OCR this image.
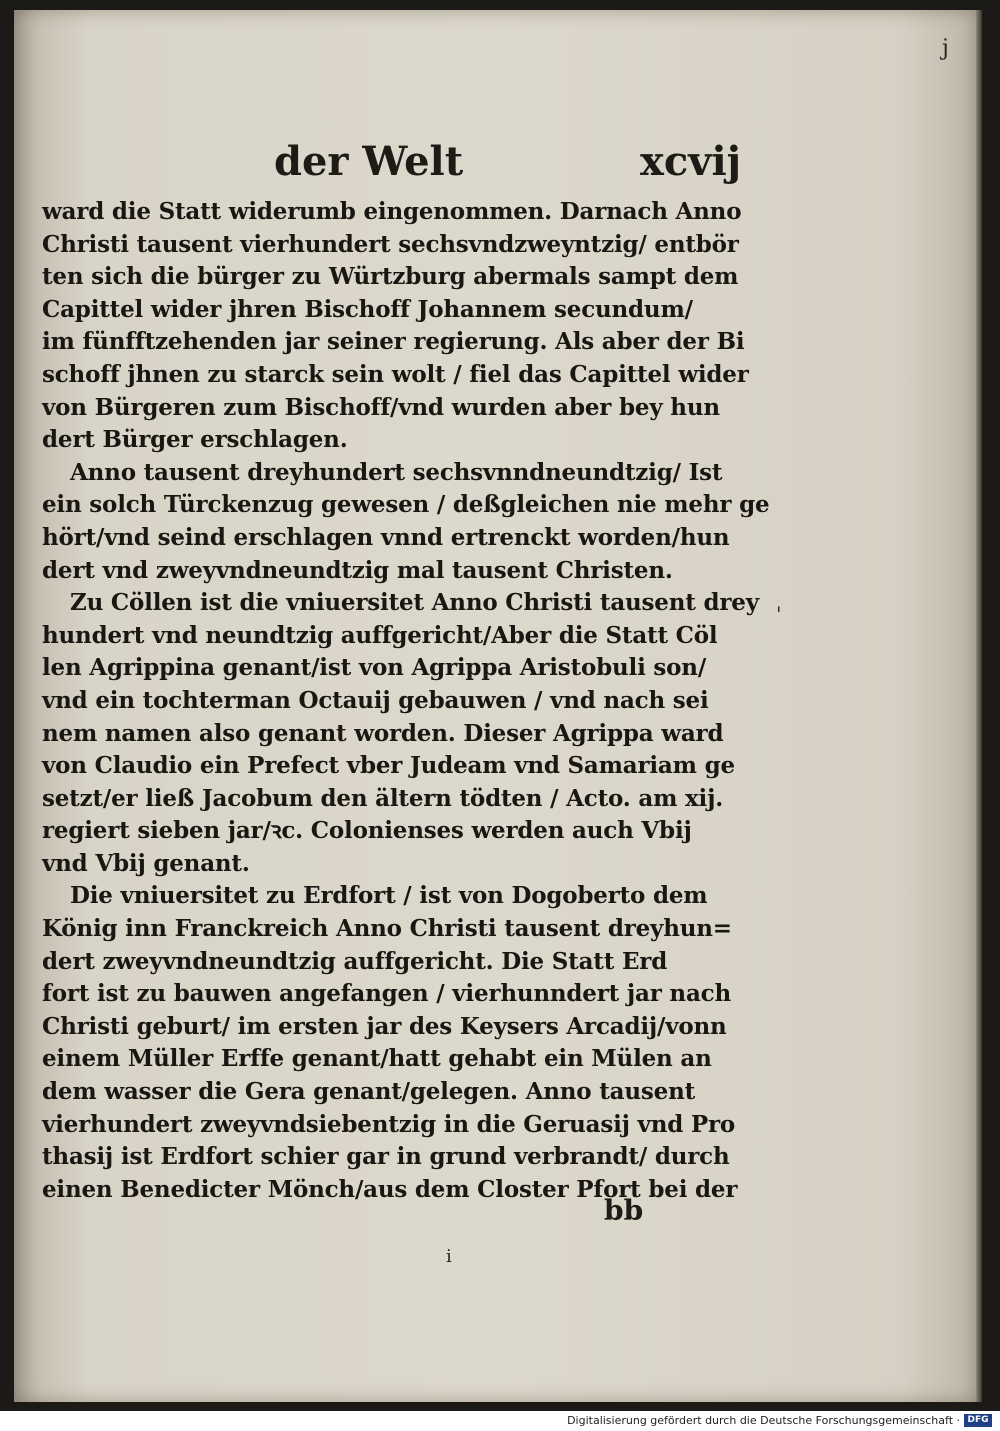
j
der Welt	xcvij
ward die Statt widerumb eingenommen. Darnach Anno
Christi tausent vierhundert sechsvndzweyntzig/ entbör
ten sich die bürger zu Würtzburg abermals sampt dem
Capittel wider jhren Bischoff Johannem secundum/
im fünfftzehenden jar seiner regierung. Als aber der Bi
schoff jhnen zu starck sein wolt / fiel das Capittel wider
von Bürgeren zum Bischoff/vnd wurden aber bey hun
dert Bürger erschlagen.
Anno tausent dreyhundert sechsvnndneundtzig/ Ist
ein solch Türckenzug gewesen / deßgleichen nie mehr ge
hört/vnd seind erschlagen vnnd ertrenckt worden/hun
dert vnd zweyvndneundtzig mal tausent Christen.
Zu Cöllen ist die vniuersitet Anno Christi tausent drey
hundert vnd neundtzig auffgericht/Aber die Statt Cöl
len Agrippina genant/ist von Agrippa Aristobuli son/
vnd ein tochterman Octauij gebauwen / vnd nach sei
nem namen also genant worden. Dieser Agrippa ward
von Claudio ein Prefect vber Judeam vnd Samariam ge
setzt/er ließ Jacobum den ältern tödten / Acto. am xij.
regiert sieben jar/ꝛc. Colonienses werden auch Vbij
vnd Vbij genant.
Die vniuersitet zu Erdfort / ist von Dogoberto dem
König inn Franckreich Anno Christi tausent dreyhun=
dert zweyvndneundtzig auffgericht. Die Statt Erd
fort ist zu bauwen angefangen / vierhunndert jar nach
Christi geburt/ im ersten jar des Keysers Arcadij/vonn
einem Müller Erffe genant/hatt gehabt ein Mülen an
dem wasser die Gera genant/gelegen. Anno tausent
vierhundert zweyvndsiebentzig in die Geruasij vnd Pro
thasij ist Erdfort schier gar in grund verbrandt/ durch
einen Benedicter Mönch/aus dem Closter Pfort bei der
'
bb
i
Digitalisierung gefördert durch die Deutsche Forschungsgemeinschaft · DFG
